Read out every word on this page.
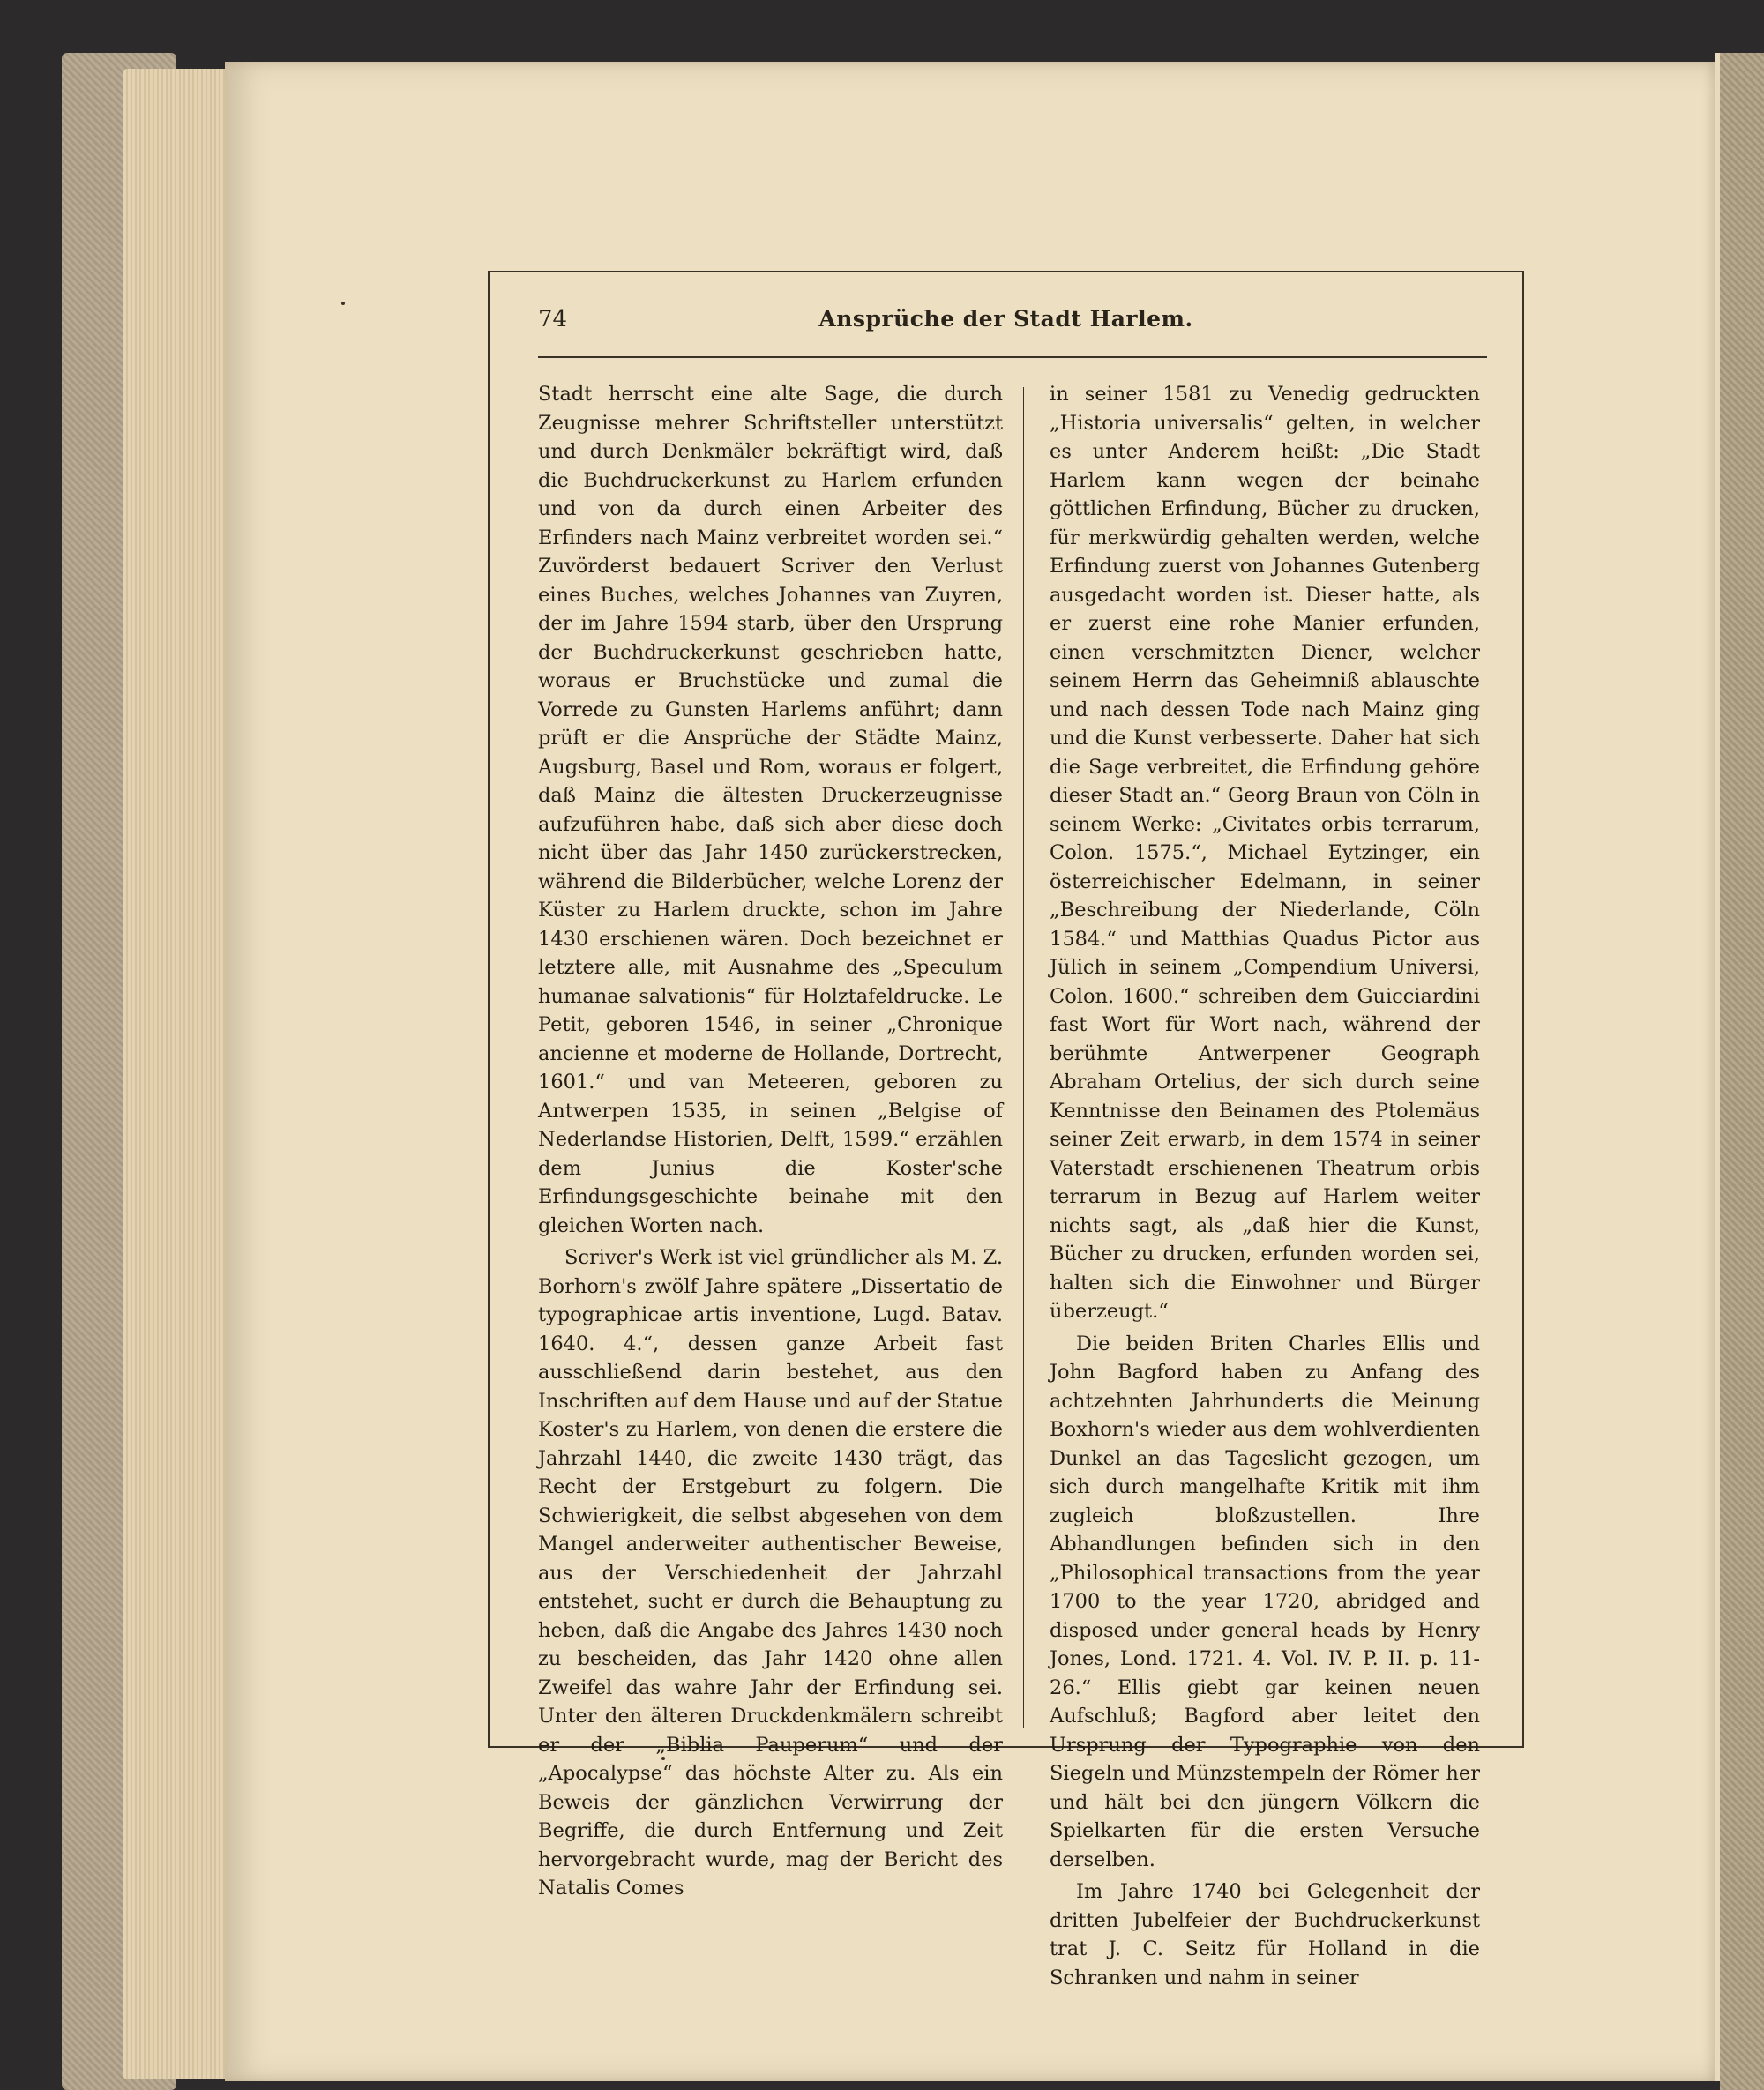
74	Ansprüche der Stadt Harlem.

Stadt herrscht eine alte Sage, die durch Zeugnisse mehrer Schriftsteller unterstützt und durch Denkmäler bekräftigt wird, daß die Buchdruckerkunst zu Harlem erfunden und von da durch einen Arbeiter des Erfinders nach Mainz verbreitet worden sei.“ Zuvörderst bedauert Scriver den Verlust eines Buches, welches Johannes van Zuyren, der im Jahre 1594 starb, über den Ursprung der Buchdruckerkunst geschrieben hatte, woraus er Bruchstücke und zumal die Vorrede zu Gunsten Harlems anführt; dann prüft er die Ansprüche der Städte Mainz, Augsburg, Basel und Rom, woraus er folgert, daß Mainz die ältesten Druckerzeugnisse aufzuführen habe, daß sich aber diese doch nicht über das Jahr 1450 zurückerstrecken, während die Bilderbücher, welche Lorenz der Küster zu Harlem druckte, schon im Jahre 1430 erschienen wären. Doch bezeichnet er letztere alle, mit Ausnahme des „Speculum humanae salvationis“ für Holztafeldrucke. Le Petit, geboren 1546, in seiner „Chronique ancienne et moderne de Hollande, Dortrecht, 1601.“ und van Meteeren, geboren zu Antwerpen 1535, in seinen „Belgise of Nederlandse Historien, Delft, 1599.“ erzählen dem Junius die Koster'sche Erfindungsgeschichte beinahe mit den gleichen Worten nach.

Scriver's Werk ist viel gründlicher als M. Z. Borhorn's zwölf Jahre spätere „Dissertatio de typographicae artis inventione, Lugd. Batav. 1640. 4.“, dessen ganze Arbeit fast ausschließend darin bestehet, aus den Inschriften auf dem Hause und auf der Statue Koster's zu Harlem, von denen die erstere die Jahrzahl 1440, die zweite 1430 trägt, das Recht der Erstgeburt zu folgern. Die Schwierigkeit, die selbst abgesehen von dem Mangel anderweiter authentischer Beweise, aus der Verschiedenheit der Jahrzahl entstehet, sucht er durch die Behauptung zu heben, daß die Angabe des Jahres 1430 noch zu bescheiden, das Jahr 1420 ohne allen Zweifel das wahre Jahr der Erfindung sei. Unter den älteren Druckdenkmälern schreibt er der „Biblia Pauperum“ und der „Apocalypse“ das höchste Alter zu. Als ein Beweis der gänzlichen Verwirrung der Begriffe, die durch Entfernung und Zeit hervorgebracht wurde, mag der Bericht des Natalis Comes

in seiner 1581 zu Venedig gedruckten „Historia universalis“ gelten, in welcher es unter Anderem heißt: „Die Stadt Harlem kann wegen der beinahe göttlichen Erfindung, Bücher zu drucken, für merkwürdig gehalten werden, welche Erfindung zuerst von Johannes Gutenberg ausgedacht worden ist. Dieser hatte, als er zuerst eine rohe Manier erfunden, einen verschmitzten Diener, welcher seinem Herrn das Geheimniß ablauschte und nach dessen Tode nach Mainz ging und die Kunst verbesserte. Daher hat sich die Sage verbreitet, die Erfindung gehöre dieser Stadt an.“ Georg Braun von Cöln in seinem Werke: „Civitates orbis terrarum, Colon. 1575.“, Michael Eytzinger, ein österreichischer Edelmann, in seiner „Beschreibung der Niederlande, Cöln 1584.“ und Matthias Quadus Pictor aus Jülich in seinem „Compendium Universi, Colon. 1600.“ schreiben dem Guicciardini fast Wort für Wort nach, während der berühmte Antwerpener Geograph Abraham Ortelius, der sich durch seine Kenntnisse den Beinamen des Ptolemäus seiner Zeit erwarb, in dem 1574 in seiner Vaterstadt erschienenen Theatrum orbis terrarum in Bezug auf Harlem weiter nichts sagt, als „daß hier die Kunst, Bücher zu drucken, erfunden worden sei, halten sich die Einwohner und Bürger überzeugt.“

Die beiden Briten Charles Ellis und John Bagford haben zu Anfang des achtzehnten Jahrhunderts die Meinung Boxhorn's wieder aus dem wohlverdienten Dunkel an das Tageslicht gezogen, um sich durch mangelhafte Kritik mit ihm zugleich bloßzustellen. Ihre Abhandlungen befinden sich in den „Philosophical transactions from the year 1700 to the year 1720, abridged and disposed under general heads by Henry Jones, Lond. 1721. 4. Vol. IV. P. II. p. 11-26.“ Ellis giebt gar keinen neuen Aufschluß; Bagford aber leitet den Ursprung der Typographie von den Siegeln und Münzstempeln der Römer her und hält bei den jüngern Völkern die Spielkarten für die ersten Versuche derselben.

Im Jahre 1740 bei Gelegenheit der dritten Jubelfeier der Buchdruckerkunst trat J. C. Seitz für Holland in die Schranken und nahm in seiner
